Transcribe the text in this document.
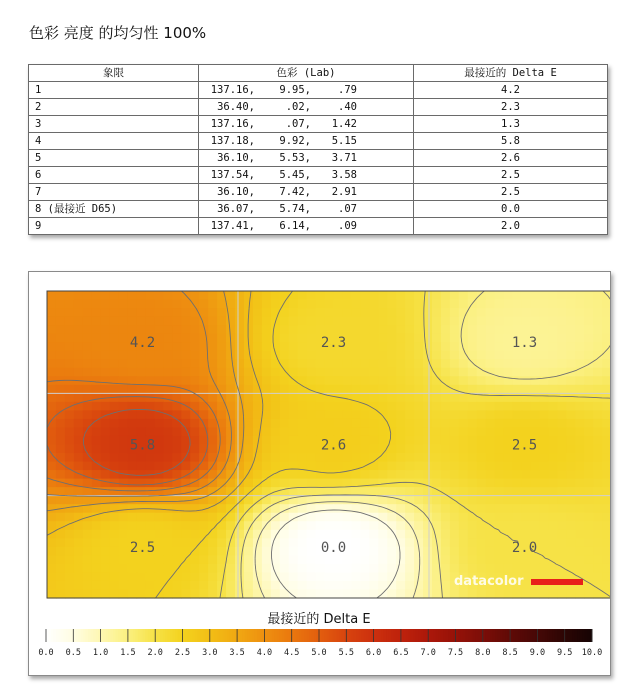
色彩 亮度 的均匀性 100%
象限	色彩 (Lab)	最接近的 Delta E
1	137.16, 9.95, .79	4.2
2	36.40, .02, .40	2.3
3	137.16, .07, 1.42	1.3
4	137.18, 9.92, 5.15	5.8
5	36.10, 5.53, 3.71	2.6
6	137.54, 5.45, 3.58	2.5
7	36.10, 7.42, 2.91	2.5
8 (最接近 D65)	36.07, 5.74, .07	0.0
9	137.41, 6.14, .09	2.0
4.2	2.3	1.3
5.8	2.6	2.5
2.5	0.0	2.0
datacolor
最接近的 Delta E
0.0 0.5 1.0 1.5 2.0 2.5 3.0 3.5 4.0 4.5 5.0 5.5 6.0 6.5 7.0 7.5 8.0 8.5 9.0 9.5 10.0
